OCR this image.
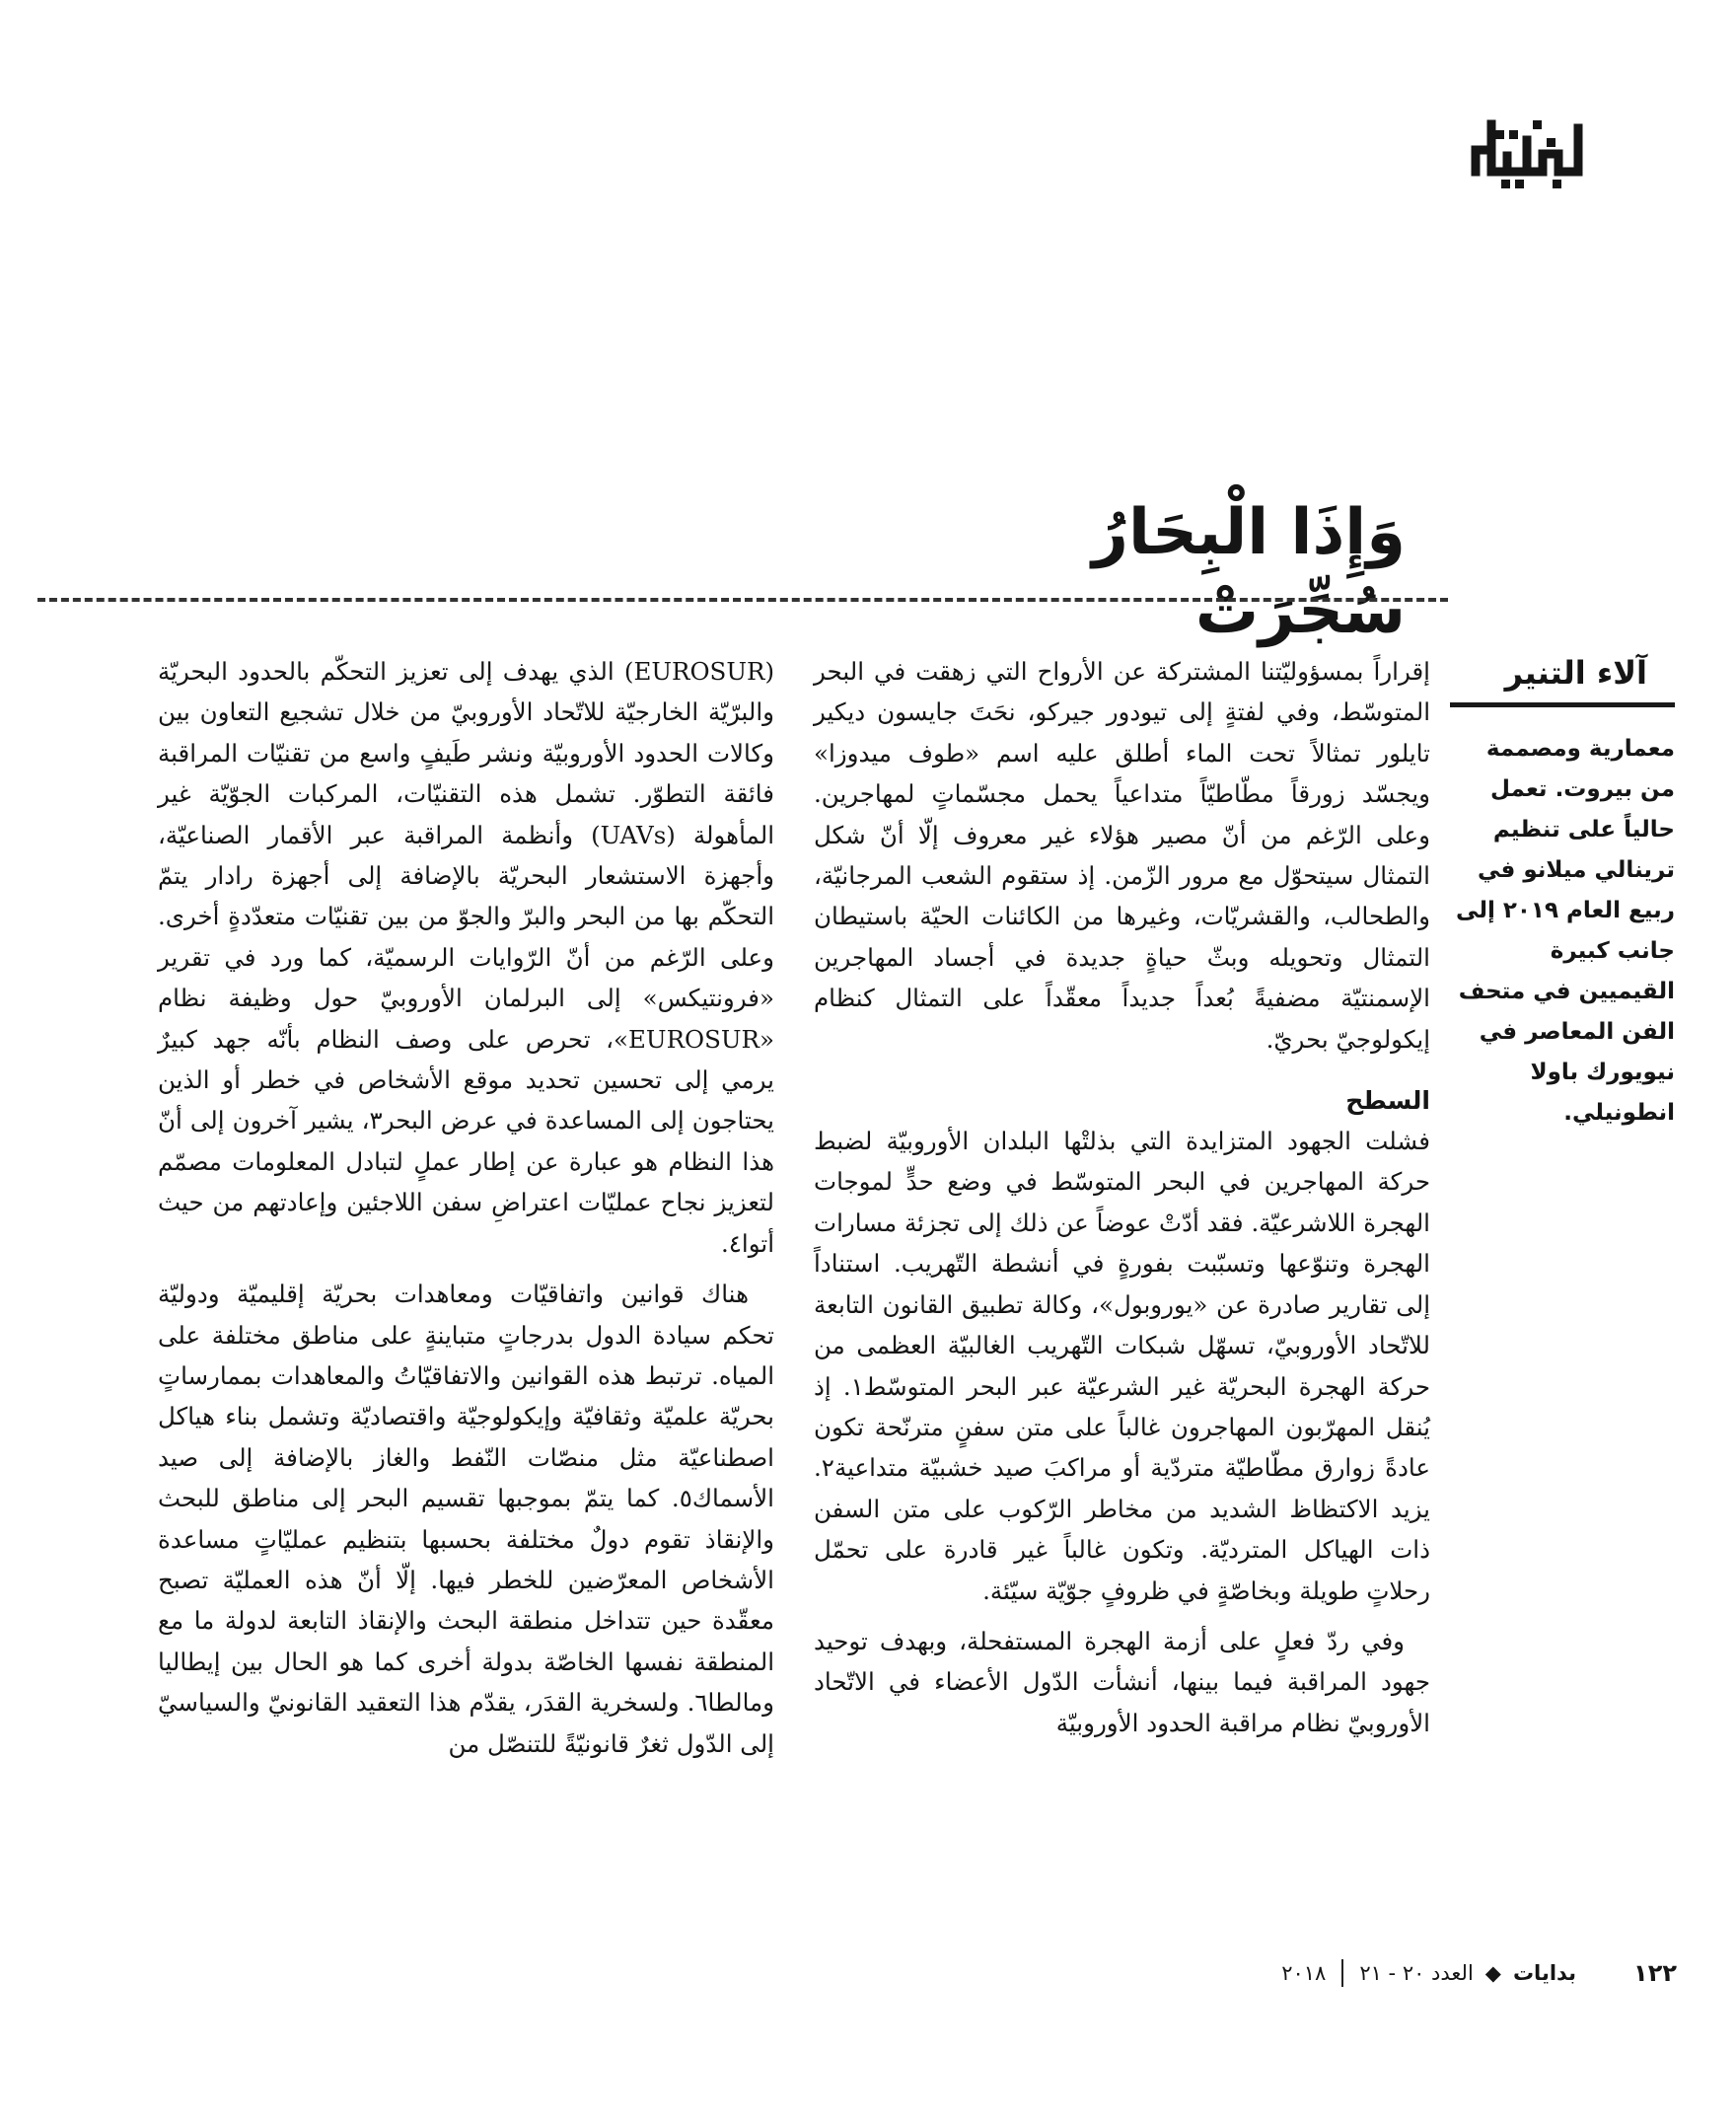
وَإِذَا الْبِحَارُ سُجِّرَتْ

آلاء التنير

معمارية ومصممة من بيروت. تعمل حالياً على تنظيم ترينالي ميلانو في ربيع العام ٢٠١٩ إلى جانب كبيرة القيميين في متحف الفن المعاصر في نيويورك باولا انطونيلي.

إقراراً بمسؤوليّتنا المشتركة عن الأرواح التي زهقت في البحر المتوسّط، وفي لفتةٍ إلى تيودور جيركو، نحَتَ جايسون ديكير تايلور تمثالاً تحت الماء أطلق عليه اسم «طوف ميدوزا» ويجسّد زورقاً مطّاطيّاً متداعياً يحمل مجسّماتٍ لمهاجرين. وعلى الرّغم من أنّ مصير هؤلاء غير معروف إلّا أنّ شكل التمثال سيتحوّل مع مرور الزّمن. إذ ستقوم الشعب المرجانيّة، والطحالب، والقشريّات، وغيرها من الكائنات الحيّة باستيطان التمثال وتحويله وبثّ حياةٍ جديدة في أجساد المهاجرين الإسمنتيّة مضفيةً بُعداً جديداً معقّداً على التمثال كنظام إيكولوجيّ بحريّ.

السطح

فشلت الجهود المتزايدة التي بذلتْها البلدان الأوروبيّة لضبط حركة المهاجرين في البحر المتوسّط في وضع حدٍّ لموجات الهجرة اللاشرعيّة. فقد أدّتْ عوضاً عن ذلك إلى تجزئة مسارات الهجرة وتنوّعها وتسبّبت بفورةٍ في أنشطة التّهريب. استناداً إلى تقارير صادرة عن «يوروبول»، وكالة تطبيق القانون التابعة للاتّحاد الأوروبيّ، تسهّل شبكات التّهريب الغالبيّة العظمى من حركة الهجرة البحريّة غير الشرعيّة عبر البحر المتوسّط١. إذ يُنقل المهرّبون المهاجرون غالباً على متن سفنٍ مترنّحة تكون عادةً زوارق مطّاطيّة متردّية أو مراكبَ صيد خشبيّة متداعية٢. يزيد الاكتظاظ الشديد من مخاطر الرّكوب على متن السفن ذات الهياكل المترديّة. وتكون غالباً غير قادرة على تحمّل رحلاتٍ طويلة وبخاصّةٍ في ظروفٍ جوّيّة سيّئة.

وفي ردّ فعلٍ على أزمة الهجرة المستفحلة، وبهدف توحيد جهود المراقبة فيما بينها، أنشأت الدّول الأعضاء في الاتّحاد الأوروبيّ نظام مراقبة الحدود الأوروبيّة

(EUROSUR) الذي يهدف إلى تعزيز التحكّم بالحدود البحريّة والبرّيّة الخارجيّة للاتّحاد الأوروبيّ من خلال تشجيع التعاون بين وكالات الحدود الأوروبيّة ونشر طَيفٍ واسع من تقنيّات المراقبة فائقة التطوّر. تشمل هذه التقنيّات، المركبات الجوّيّة غير المأهولة (UAVs) وأنظمة المراقبة عبر الأقمار الصناعيّة، وأجهزة الاستشعار البحريّة بالإضافة إلى أجهزة رادار يتمّ التحكّم بها من البحر والبرّ والجوّ من بين تقنيّات متعدّدةٍ أخرى. وعلى الرّغم من أنّ الرّوايات الرسميّة، كما ورد في تقرير «فرونتيكس» إلى البرلمان الأوروبيّ حول وظيفة نظام «EUROSUR»، تحرص على وصف النظام بأنّه جهد كبيرٌ يرمي إلى تحسين تحديد موقع الأشخاص في خطر أو الذين يحتاجون إلى المساعدة في عرض البحر٣، يشير آخرون إلى أنّ هذا النظام هو عبارة عن إطار عملٍ لتبادل المعلومات مصمّم لتعزيز نجاح عمليّات اعتراضِ سفن اللاجئين وإعادتهم من حيث أتوا٤.

هناك قوانين واتفاقيّات ومعاهدات بحريّة إقليميّة ودوليّة تحكم سيادة الدول بدرجاتٍ متباينةٍ على مناطق مختلفة على المياه. ترتبط هذه القوانين والاتفاقيّاتُ والمعاهدات بممارساتٍ بحريّة علميّة وثقافيّة وإيكولوجيّة واقتصاديّة وتشمل بناء هياكل اصطناعيّة مثل منصّات النّفط والغاز بالإضافة إلى صيد الأسماك٥. كما يتمّ بموجبها تقسيم البحر إلى مناطق للبحث والإنقاذ تقوم دولٌ مختلفة بحسبها بتنظيم عمليّاتٍ مساعدة الأشخاص المعرّضين للخطر فيها. إلّا أنّ هذه العمليّة تصبح معقّدة حين تتداخل منطقة البحث والإنقاذ التابعة لدولة ما مع المنطقة نفسها الخاصّة بدولة أخرى كما هو الحال بين إيطاليا ومالطا٦. ولسخرية القدَر، يقدّم هذا التعقيد القانونيّ والسياسيّ إلى الدّول ثغرٌ قانونيّةً للتنصّل من

١٢٢
بدايات
◆
العدد ٢٠ - ٢١
٢٠١٨
